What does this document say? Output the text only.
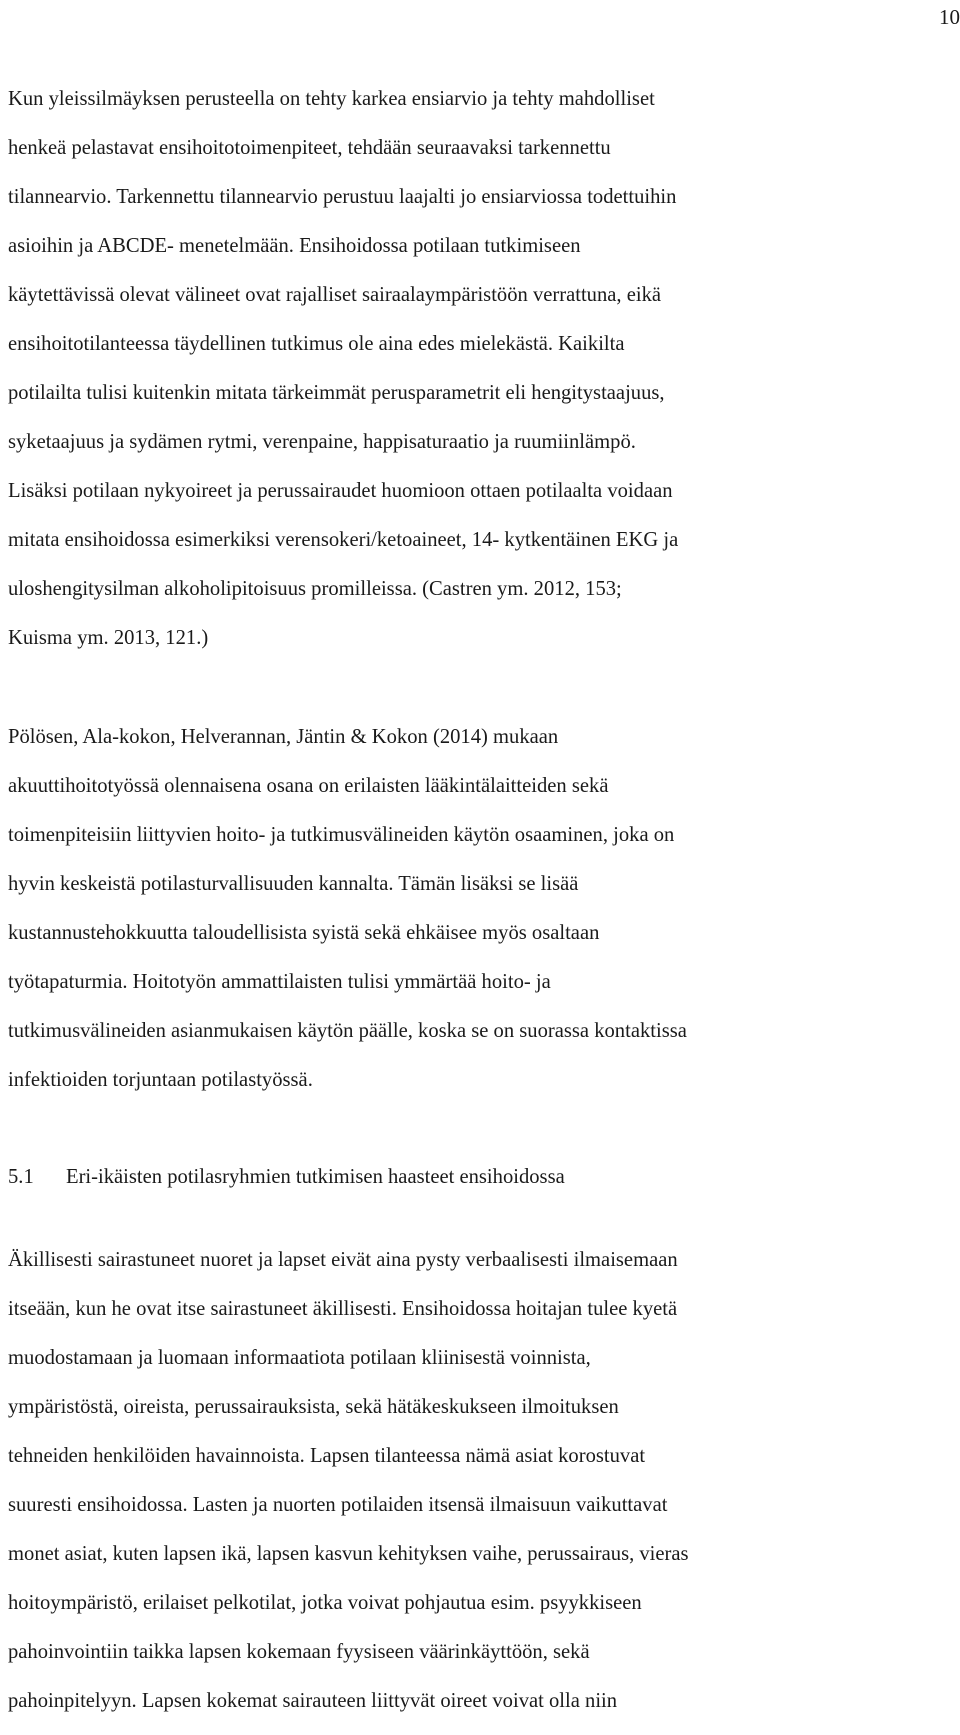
10

Kun yleissilmäyksen perusteella on tehty karkea ensiarvio ja tehty mahdolliset
henkeä pelastavat ensihoitotoimenpiteet, tehdään seuraavaksi tarkennettu
tilannearvio. Tarkennettu tilannearvio perustuu laajalti jo ensiarviossa todettuihin
asioihin ja ABCDE- menetelmään. Ensihoidossa potilaan tutkimiseen
käytettävissä olevat välineet ovat rajalliset sairaalaympäristöön verrattuna, eikä
ensihoitotilanteessa täydellinen tutkimus ole aina edes mielekästä. Kaikilta
potilailta tulisi kuitenkin mitata tärkeimmät perusparametrit eli hengitystaajuus,
syketaajuus ja sydämen rytmi, verenpaine, happisaturaatio ja ruumiinlämpö.
Lisäksi potilaan nykyoireet ja perussairaudet huomioon ottaen potilaalta voidaan
mitata ensihoidossa esimerkiksi verensokeri/ketoaineet, 14- kytkentäinen EKG ja
uloshengitysilman alkoholipitoisuus promilleissa. (Castren ym. 2012, 153;
Kuisma ym. 2013, 121.)

Pölösen, Ala-kokon, Helverannan, Jäntin & Kokon (2014) mukaan
akuuttihoitotyössä olennaisena osana on erilaisten lääkintälaitteiden sekä
toimenpiteisiin liittyvien hoito- ja tutkimusvälineiden käytön osaaminen, joka on
hyvin keskeistä potilasturvallisuuden kannalta. Tämän lisäksi se lisää
kustannustehokkuutta taloudellisista syistä sekä ehkäisee myös osaltaan
työtapaturmia. Hoitotyön ammattilaisten tulisi ymmärtää hoito- ja
tutkimusvälineiden asianmukaisen käytön päälle, koska se on suorassa kontaktissa
infektioiden torjuntaan potilastyössä.

5.1 Eri-ikäisten potilasryhmien tutkimisen haasteet ensihoidossa

Äkillisesti sairastuneet nuoret ja lapset eivät aina pysty verbaalisesti ilmaisemaan
itseään, kun he ovat itse sairastuneet äkillisesti. Ensihoidossa hoitajan tulee kyetä
muodostamaan ja luomaan informaatiota potilaan kliinisestä voinnista,
ympäristöstä, oireista, perussairauksista, sekä hätäkeskukseen ilmoituksen
tehneiden henkilöiden havainnoista. Lapsen tilanteessa nämä asiat korostuvat
suuresti ensihoidossa. Lasten ja nuorten potilaiden itsensä ilmaisuun vaikuttavat
monet asiat, kuten lapsen ikä, lapsen kasvun kehityksen vaihe, perussairaus, vieras
hoitoympäristö, erilaiset pelkotilat, jotka voivat pohjautua esim. psyykkiseen
pahoinvointiin taikka lapsen kokemaan fyysiseen väärinkäyttöön, sekä
pahoinpitelyyn. Lapsen kokemat sairauteen liittyvät oireet voivat olla niin
